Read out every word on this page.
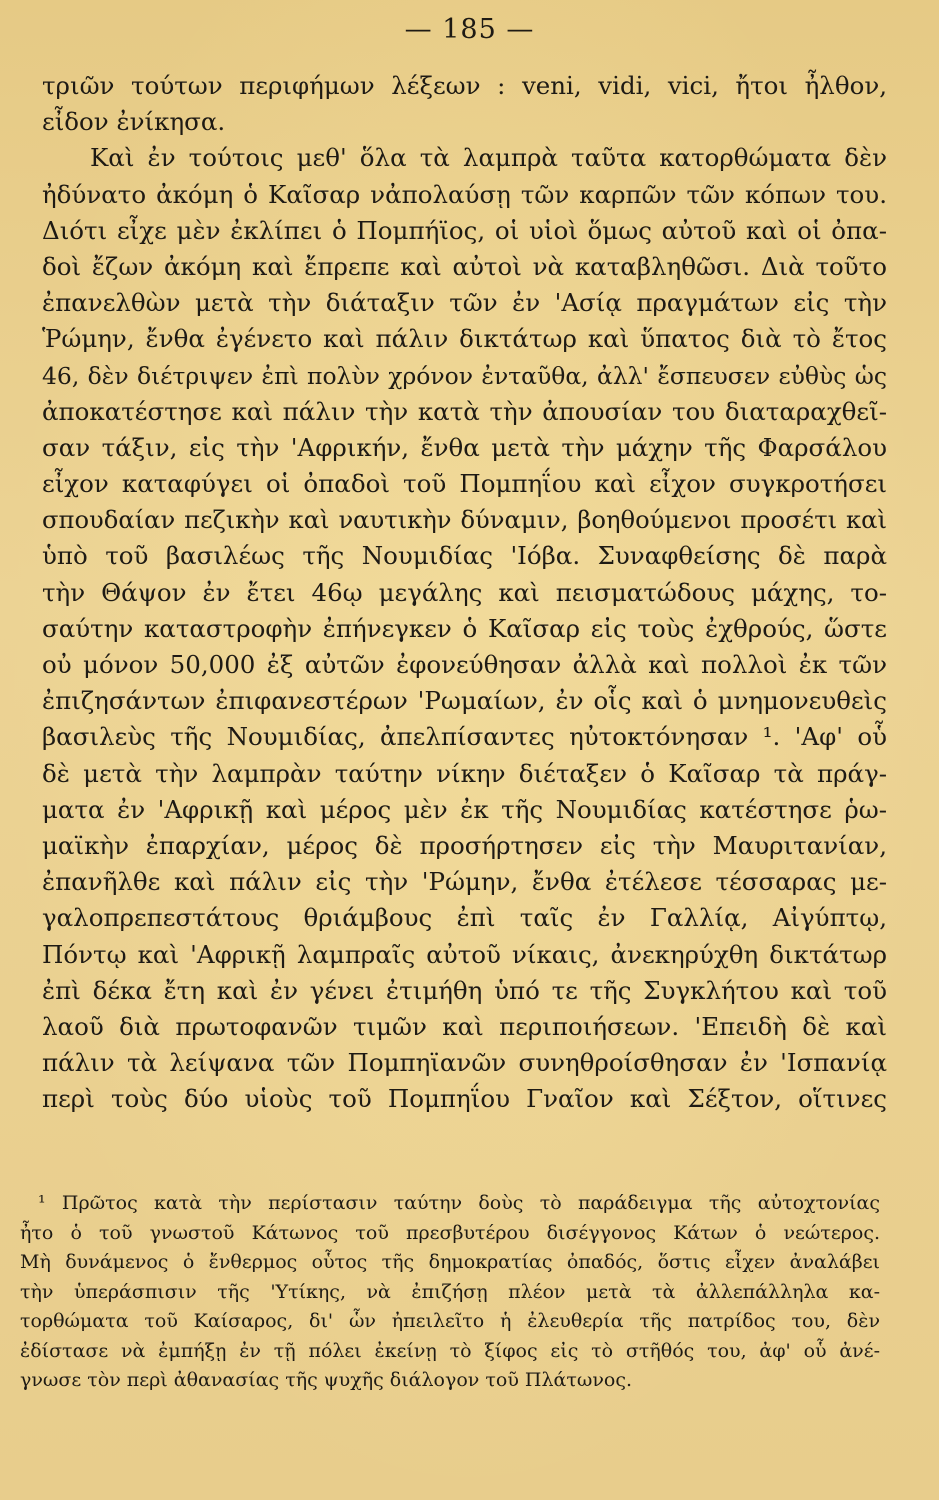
— 185 —
τριῶν τούτων περιφήμων λέξεων : veni, vidi, vici, ἤτοι ἦλθον,
εἶδον ἐνίκησα.
Καὶ ἐν τούτοις μεθ' ὅλα τὰ λαμπρὰ ταῦτα κατορθώματα δὲν
ἠδύνατο ἀκόμη ὁ Καῖσαρ νἀπολαύσῃ τῶν καρπῶν τῶν κόπων του.
Διότι εἶχε μὲν ἐκλίπει ὁ Πομπήϊος, οἱ υἱοὶ ὅμως αὐτοῦ καὶ οἱ ὀπα-
δοὶ ἔζων ἀκόμη καὶ ἔπρεπε καὶ αὐτοὶ νὰ καταβληθῶσι. Διὰ τοῦτο
ἐπανελθὼν μετὰ τὴν διάταξιν τῶν ἐν 'Ασίᾳ πραγμάτων εἰς τὴν
Ῥώμην, ἔνθα ἐγένετο καὶ πάλιν δικτάτωρ καὶ ὕπατος διὰ τὸ ἔτος
46, δὲν διέτριψεν ἐπὶ πολὺν χρόνον ἐνταῦθα, ἀλλ' ἔσπευσεν εὐθὺς ὡς
ἀποκατέστησε καὶ πάλιν τὴν κατὰ τὴν ἀπουσίαν του διαταραχθεῖ-
σαν τάξιν, εἰς τὴν 'Αφρικήν, ἔνθα μετὰ τὴν μάχην τῆς Φαρσάλου
εἶχον καταφύγει οἱ ὀπαδοὶ τοῦ Πομπηΐου καὶ εἶχον συγκροτήσει
σπουδαίαν πεζικὴν καὶ ναυτικὴν δύναμιν, βοηθούμενοι προσέτι καὶ
ὑπὸ τοῦ βασιλέως τῆς Νουμιδίας 'Ιόβα. Συναφθείσης δὲ παρὰ
τὴν Θάψον ἐν ἔτει 46ῳ μεγάλης καὶ πεισματώδους μάχης, το-
σαύτην καταστροφὴν ἐπήνεγκεν ὁ Καῖσαρ εἰς τοὺς ἐχθρούς, ὥστε
οὐ μόνον 50,000 ἐξ αὐτῶν ἐφονεύθησαν ἀλλὰ καὶ πολλοὶ ἐκ τῶν
ἐπιζησάντων ἐπιφανεστέρων 'Ρωμαίων, ἐν οἷς καὶ ὁ μνημονευθεὶς
βασιλεὺς τῆς Νουμιδίας, ἀπελπίσαντες ηὐτοκτόνησαν ¹. 'Αφ' οὗ
δὲ μετὰ τὴν λαμπρὰν ταύτην νίκην διέταξεν ὁ Καῖσαρ τὰ πράγ-
ματα ἐν 'Αφρικῇ καὶ μέρος μὲν ἐκ τῆς Νουμιδίας κατέστησε ῥω-
μαϊκὴν ἐπαρχίαν, μέρος δὲ προσήρτησεν εἰς τὴν Μαυριτανίαν,
ἐπανῆλθε καὶ πάλιν εἰς τὴν 'Ρώμην, ἔνθα ἐτέλεσε τέσσαρας με-
γαλοπρεπεστάτους θριάμβους ἐπὶ ταῖς ἐν Γαλλίᾳ, Αἰγύπτῳ,
Πόντῳ καὶ 'Αφρικῇ λαμπραῖς αὐτοῦ νίκαις, ἀνεκηρύχθη δικτάτωρ
ἐπὶ δέκα ἔτη καὶ ἐν γένει ἐτιμήθη ὑπό τε τῆς Συγκλήτου καὶ τοῦ
λαοῦ διὰ πρωτοφανῶν τιμῶν καὶ περιποιήσεων. 'Επειδὴ δὲ καὶ
πάλιν τὰ λείψανα τῶν Πομπηϊανῶν συνηθροίσθησαν ἐν 'Ισπανίᾳ
περὶ τοὺς δύο υἱοὺς τοῦ Πομπηΐου Γναῖον καὶ Σέξτον, οἵτινες
¹ Πρῶτος κατὰ τὴν περίστασιν ταύτην δοὺς τὸ παράδειγμα τῆς αὐτοχτονίας
ἦτο ὁ τοῦ γνωστοῦ Κάτωνος τοῦ πρεσβυτέρου δισέγγονος Κάτων ὁ νεώτερος.
Μὴ δυνάμενος ὁ ἔνθερμος οὗτος τῆς δημοκρατίας ὀπαδός, ὅστις εἶχεν ἀναλάβει
τὴν ὑπεράσπισιν τῆς 'Υτίκης, νὰ ἐπιζήσῃ πλέον μετὰ τὰ ἀλλεπάλληλα κα-
τορθώματα τοῦ Καίσαρος, δι' ὧν ἠπειλεῖτο ἡ ἐλευθερία τῆς πατρίδος του, δὲν
ἐδίστασε νὰ ἐμπήξῃ ἐν τῇ πόλει ἐκείνῃ τὸ ξίφος εἰς τὸ στῆθός του, ἀφ' οὗ ἀνέ-
γνωσε τὸν περὶ ἀθανασίας τῆς ψυχῆς διάλογον τοῦ Πλάτωνος.
